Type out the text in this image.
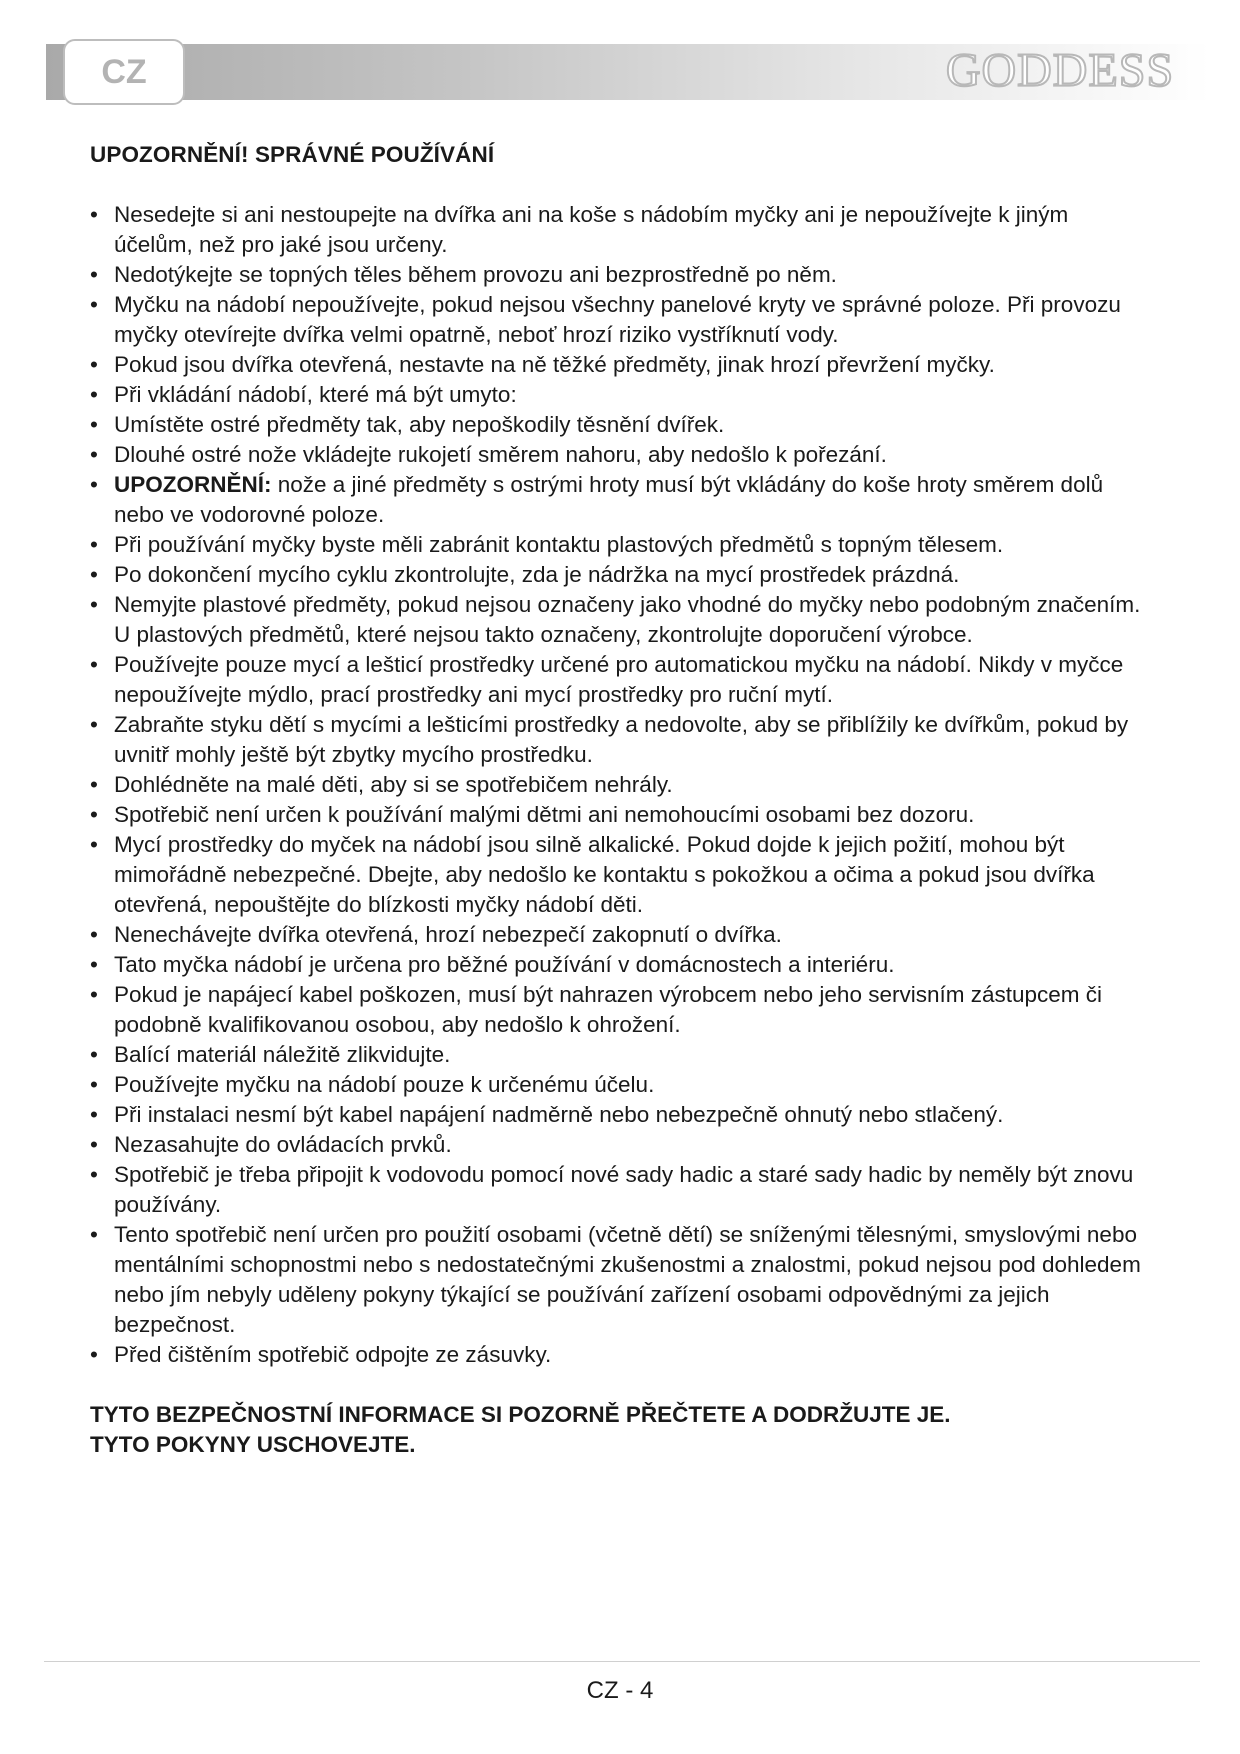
CZ	GODDESS
UPOZORNĚNÍ! SPRÁVNÉ POUŽÍVÁNÍ
• Nesedejte si ani nestoupejte na dvířka ani na koše s nádobím myčky ani je nepoužívejte k jiným účelům, než pro jaké jsou určeny.
• Nedotýkejte se topných těles během provozu ani bezprostředně po něm.
• Myčku na nádobí nepoužívejte, pokud nejsou všechny panelové kryty ve správné poloze. Při provozu myčky otevírejte dvířka velmi opatrně, neboť hrozí riziko vystříknutí vody.
• Pokud jsou dvířka otevřená, nestavte na ně těžké předměty, jinak hrozí převržení myčky.
• Při vkládání nádobí, které má být umyto:
• Umístěte ostré předměty tak, aby nepoškodily těsnění dvířek.
• Dlouhé ostré nože vkládejte rukojetí směrem nahoru, aby nedošlo k pořezání.
• UPOZORNĚNÍ: nože a jiné předměty s ostrými hroty musí být vkládány do koše hroty směrem dolů nebo ve vodorovné poloze.
• Při používání myčky byste měli zabránit kontaktu plastových předmětů s topným tělesem.
• Po dokončení mycího cyklu zkontrolujte, zda je nádržka na mycí prostředek prázdná.
• Nemyjte plastové předměty, pokud nejsou označeny jako vhodné do myčky nebo podobným značením. U plastových předmětů, které nejsou takto označeny, zkontrolujte doporučení výrobce.
• Používejte pouze mycí a lešticí prostředky určené pro automatickou myčku na nádobí. Nikdy v myčce nepoužívejte mýdlo, prací prostředky ani mycí prostředky pro ruční mytí.
• Zabraňte styku dětí s mycími a lešticími prostředky a nedovolte, aby se přiblížily ke dvířkům, pokud by uvnitř mohly ještě být zbytky mycího prostředku.
• Dohlédněte na malé děti, aby si se spotřebičem nehrály.
• Spotřebič není určen k používání malými dětmi ani nemohoucími osobami bez dozoru.
• Mycí prostředky do myček na nádobí jsou silně alkalické. Pokud dojde k jejich požití, mohou být mimořádně nebezpečné. Dbejte, aby nedošlo ke kontaktu s pokožkou a očima a pokud jsou dvířka otevřená, nepouštějte do blízkosti myčky nádobí děti.
• Nenechávejte dvířka otevřená, hrozí nebezpečí zakopnutí o dvířka.
• Tato myčka nádobí je určena pro běžné používání v domácnostech a interiéru.
• Pokud je napájecí kabel poškozen, musí být nahrazen výrobcem nebo jeho servisním zástupcem či podobně kvalifikovanou osobou, aby nedošlo k ohrožení.
• Balící materiál náležitě zlikvidujte.
• Používejte myčku na nádobí pouze k určenému účelu.
• Při instalaci nesmí být kabel napájení nadměrně nebo nebezpečně ohnutý nebo stlačený.
• Nezasahujte do ovládacích prvků.
• Spotřebič je třeba připojit k vodovodu pomocí nové sady hadic a staré sady hadic by neměly být znovu používány.
• Tento spotřebič není určen pro použití osobami (včetně dětí) se sníženými tělesnými, smyslovými nebo mentálními schopnostmi nebo s nedostatečnými zkušenostmi a znalostmi, pokud nejsou pod dohledem nebo jím nebyly uděleny pokyny týkající se používání zařízení osobami odpovědnými za jejich bezpečnost.
• Před čištěním spotřebič odpojte ze zásuvky.
TYTO BEZPEČNOSTNÍ INFORMACE SI POZORNĚ PŘEČTETE A DODRŽUJTE JE.
TYTO POKYNY USCHOVEJTE.
CZ - 4
